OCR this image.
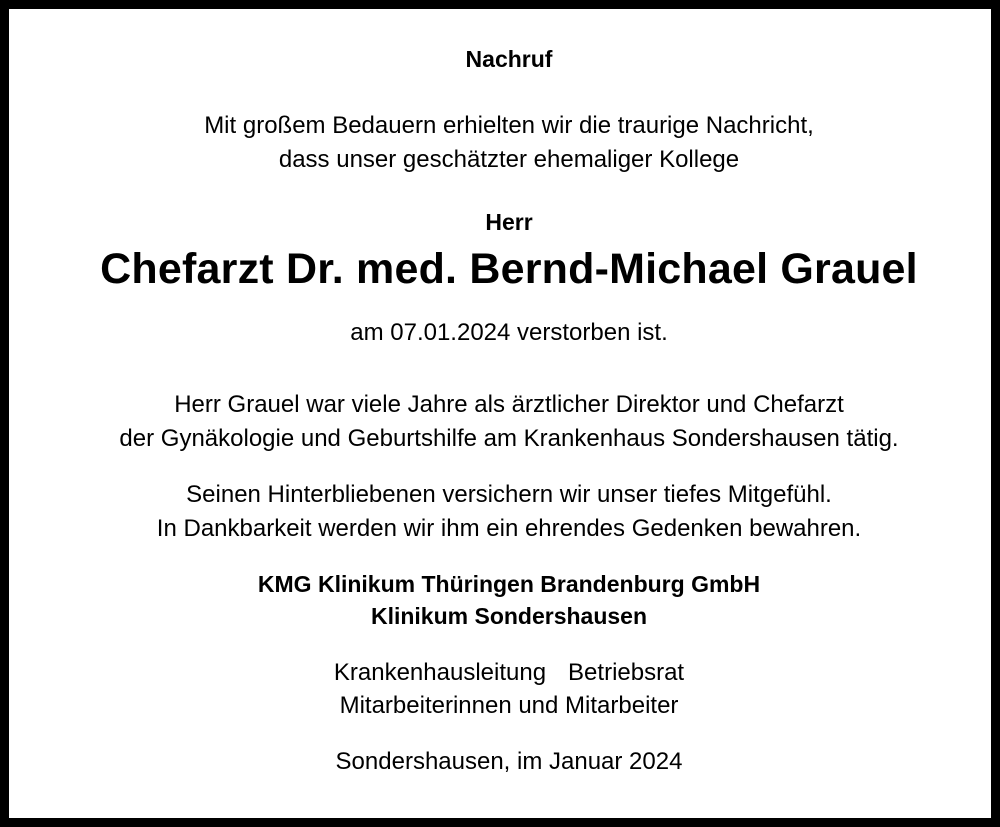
Nachruf
Mit großem Bedauern erhielten wir die traurige Nachricht,
dass unser geschätzter ehemaliger Kollege
Herr
Chefarzt Dr. med. Bernd-Michael Grauel
am 07.01.2024 verstorben ist.
Herr Grauel war viele Jahre als ärztlicher Direktor und Chefarzt
der Gynäkologie und Geburtshilfe am Krankenhaus Sondershausen tätig.
Seinen Hinterbliebenen versichern wir unser tiefes Mitgefühl.
In Dankbarkeit werden wir ihm ein ehrendes Gedenken bewahren.
KMG Klinikum Thüringen Brandenburg GmbH
Klinikum Sondershausen
Krankenhausleitung Betriebsrat
Mitarbeiterinnen und Mitarbeiter
Sondershausen, im Januar 2024
